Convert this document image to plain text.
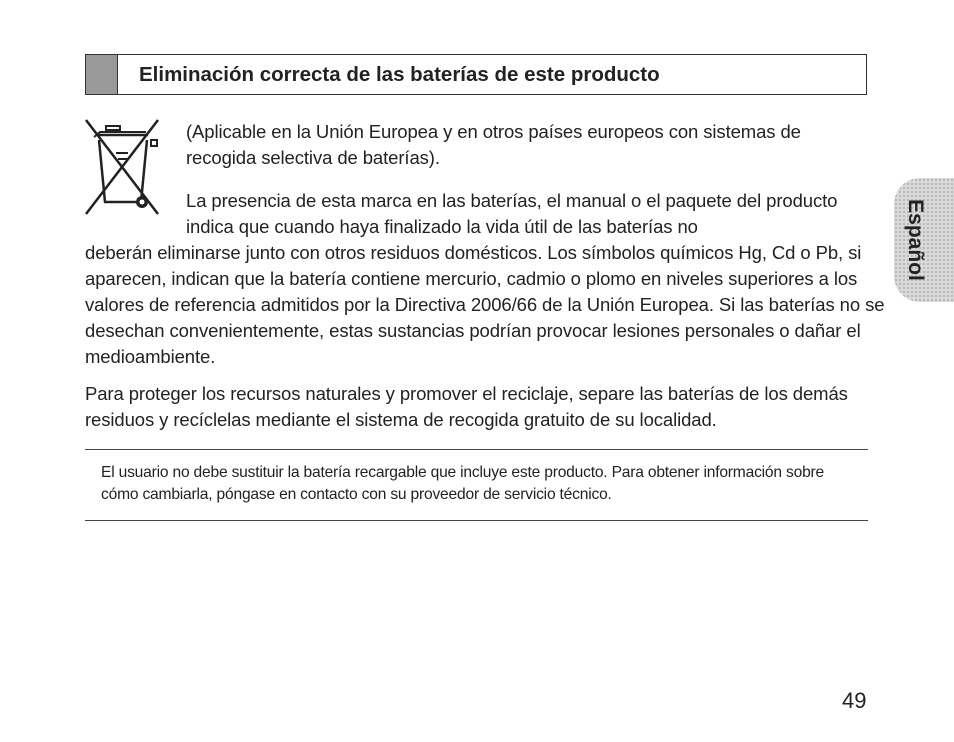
Eliminación correcta de las baterías de este producto

(Aplicable en la Unión Europea y en otros países europeos con sistemas de recogida selectiva de baterías).

La presencia de esta marca en las baterías, el manual o el paquete del producto indica que cuando haya finalizado la vida útil de las baterías no

deberán eliminarse junto con otros residuos domésticos. Los símbolos químicos Hg, Cd o Pb, si aparecen, indican que la batería contiene mercurio, cadmio o plomo en niveles superiores a los valores de referencia admitidos por la Directiva 2006/66 de la Unión Europea. Si las baterías no se desechan convenientemente, estas sustancias podrían provocar lesiones personales o dañar el medioambiente.

Para proteger los recursos naturales y promover el reciclaje, separe las baterías de los demás residuos y recíclelas mediante el sistema de recogida gratuito de su localidad.

El usuario no debe sustituir la batería recargable que incluye este producto. Para obtener información sobre cómo cambiarla, póngase en contacto con su proveedor de servicio técnico.

Español
49
